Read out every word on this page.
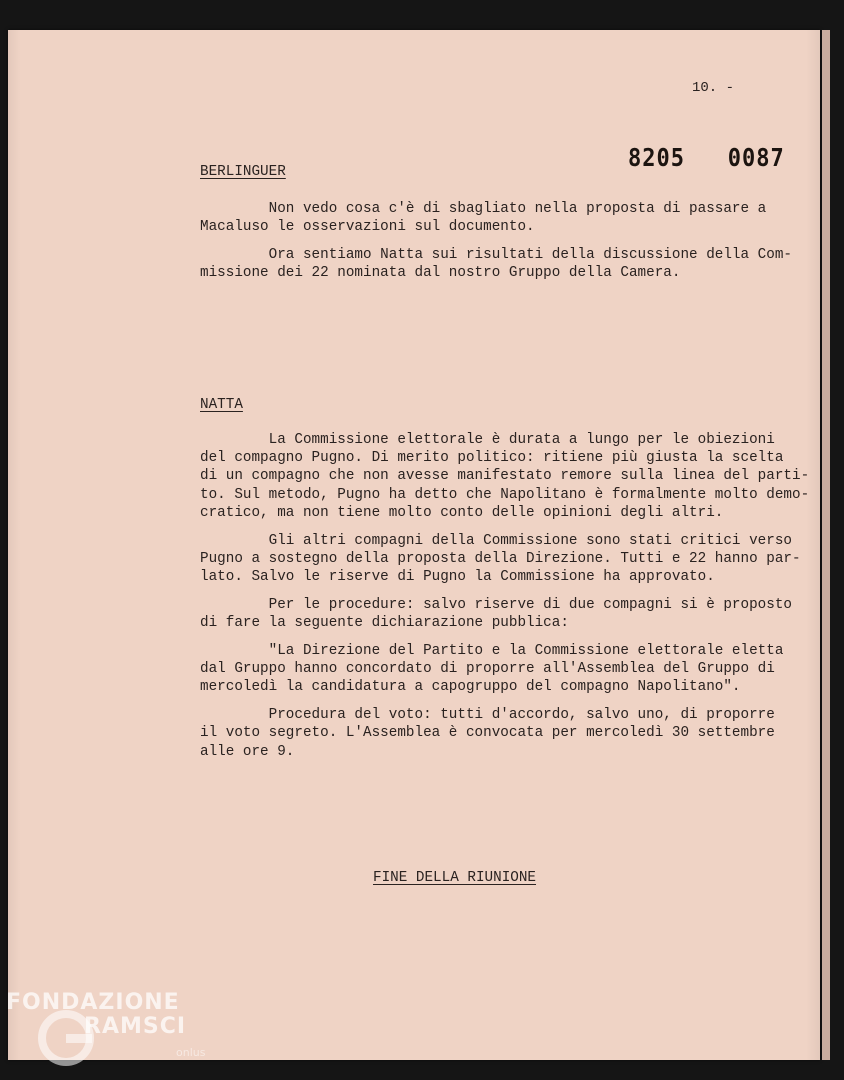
10. -
8205   0087
BERLINGUER
Non vedo cosa c'è di sbagliato nella proposta di passare a
Macaluso le osservazioni sul documento.
Ora sentiamo Natta sui risultati della discussione della Com-
missione dei 22 nominata dal nostro Gruppo della Camera.
NATTA
La Commissione elettorale è durata a lungo per le obiezioni
del compagno Pugno. Di merito politico: ritiene più giusta la scelta
di un compagno che non avesse manifestato remore sulla linea del parti-
to. Sul metodo, Pugno ha detto che Napolitano è formalmente molto demo-
cratico, ma non tiene molto conto delle opinioni degli altri.
Gli altri compagni della Commissione sono stati critici verso
Pugno a sostegno della proposta della Direzione. Tutti e 22 hanno par-
lato. Salvo le riserve di Pugno la Commissione ha approvato.
Per le procedure: salvo riserve di due compagni si è proposto
di fare la seguente dichiarazione pubblica:
"La Direzione del Partito e la Commissione elettorale eletta
dal Gruppo hanno concordato di proporre all'Assemblea del Gruppo di
mercoledì la candidatura a capogruppo del compagno Napolitano".
Procedura del voto: tutti d'accordo, salvo uno, di proporre
il voto segreto. L'Assemblea è convocata per mercoledì 30 settembre
alle ore 9.
FINE DELLA RIUNIONE
FONDAZIONE
RAMSCI
onlus
